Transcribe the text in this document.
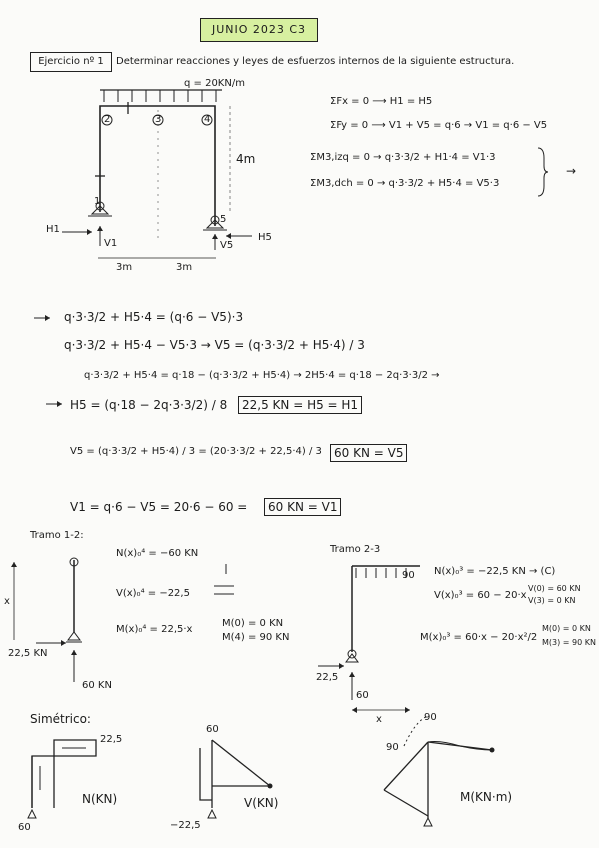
JUNIO 2023 C3
Ejercicio nº 1	Determinar reacciones y leyes de esfuerzos internos de la siguiente estructura.
q = 20KN/m
2	3	4
1
5
4m
3m	3m
H1
V1
H5
V5
ΣFx = 0 ⟶ H1 = H5
ΣFy = 0 ⟶ V1 + V5 = q·6 → V1 = q·6 − V5
ΣM3,izq = 0 → q·3·3/2 + H1·4 = V1·3
ΣM3,dch = 0 → q·3·3/2 + H5·4 = V5·3
→
q·3·3/2 + H5·4 = (q·6 − V5)·3
q·3·3/2 + H5·4 − V5·3 → V5 = (q·3·3/2 + H5·4) / 3
q·3·3/2 + H5·4 = q·18 − (q·3·3/2 + H5·4) → 2H5·4 = q·18 − 2q·3·3/2 →
H5 = (q·18 − 2q·3·3/2) / 8	22,5 KN = H5 = H1
V5 = (q·3·3/2 + H5·4) / 3 = (20·3·3/2 + 22,5·4) / 3	60 KN = V5
V1 = q·6 − V5 = 20·6 − 60 =	60 KN = V1
Tramo 1-2:
N(x)₀⁴ = −60 KN
V(x)₀⁴ = −22,5
M(x)₀⁴ = 22,5·x
M(0) = 0 KN
M(4) = 90 KN
22,5 KN
60 KN
x
Tramo 2-3
N(x)₀³ = −22,5 KN → (C)
V(x)₀³ = 60 − 20·x
V(0) = 60 KN
V(3) = 0 KN
M(x)₀³ = 60·x − 20·x²/2
M(0) = 0 KN
M(3) = 90 KN
90
22,5
60
x
Simétrico:
22,5
60
N(KN)
60
−22,5
V(KN)
90
90
M(KN·m)
